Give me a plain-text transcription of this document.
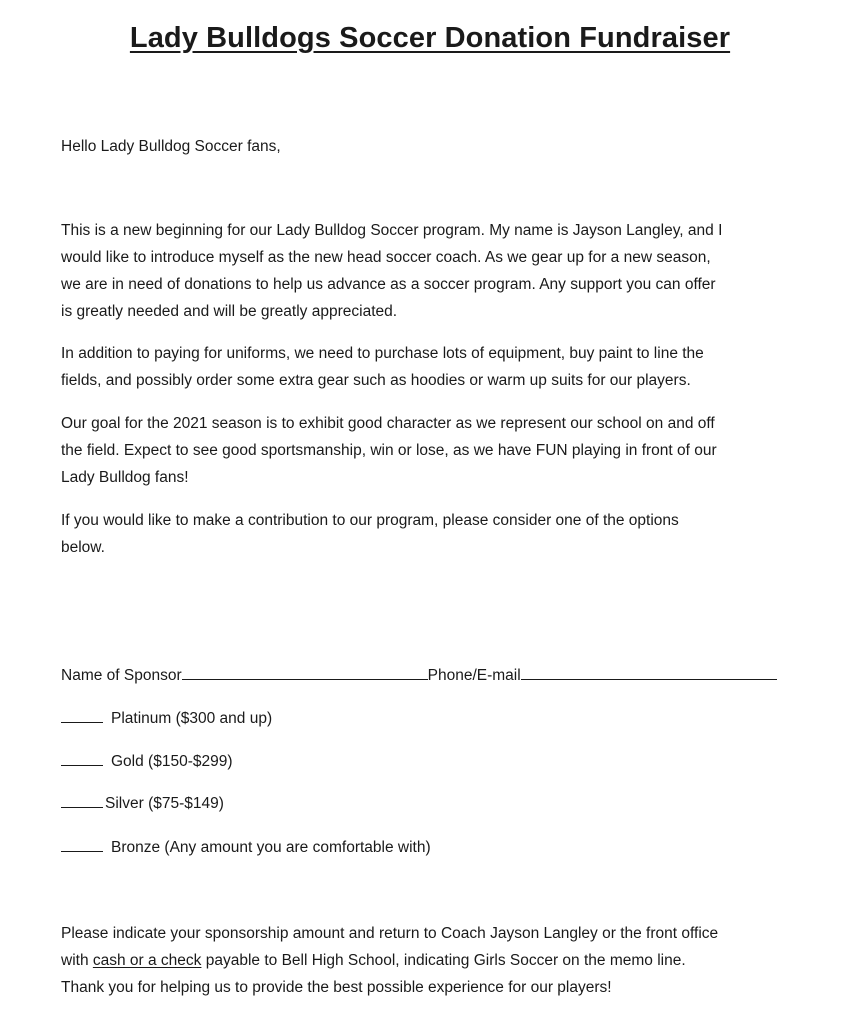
Lady Bulldogs Soccer Donation Fundraiser
Hello Lady Bulldog Soccer fans,
This is a new beginning for our Lady Bulldog Soccer program. My name is Jayson Langley, and I
would like to introduce myself as the new head soccer coach. As we gear up for a new season,
we are in need of donations to help us advance as a soccer program. Any support you can offer
is greatly needed and will be greatly appreciated.
In addition to paying for uniforms, we need to purchase lots of equipment, buy paint to line the
fields, and possibly order some extra gear such as hoodies or warm up suits for our players.
Our goal for the 2021 season is to exhibit good character as we represent our school on and off
the field. Expect to see good sportsmanship, win or lose, as we have FUN playing in front of our
Lady Bulldog fans!
If you would like to make a contribution to our program, please consider one of the options
below.
Name of Sponsor	Phone/E-mail
Platinum ($300 and up)
Gold ($150-$299)
Silver ($75-$149)
Bronze (Any amount you are comfortable with)
Please indicate your sponsorship amount and return to Coach Jayson Langley or the front office
with cash or a check payable to Bell High School, indicating Girls Soccer on the memo line.
Thank you for helping us to provide the best possible experience for our players!
